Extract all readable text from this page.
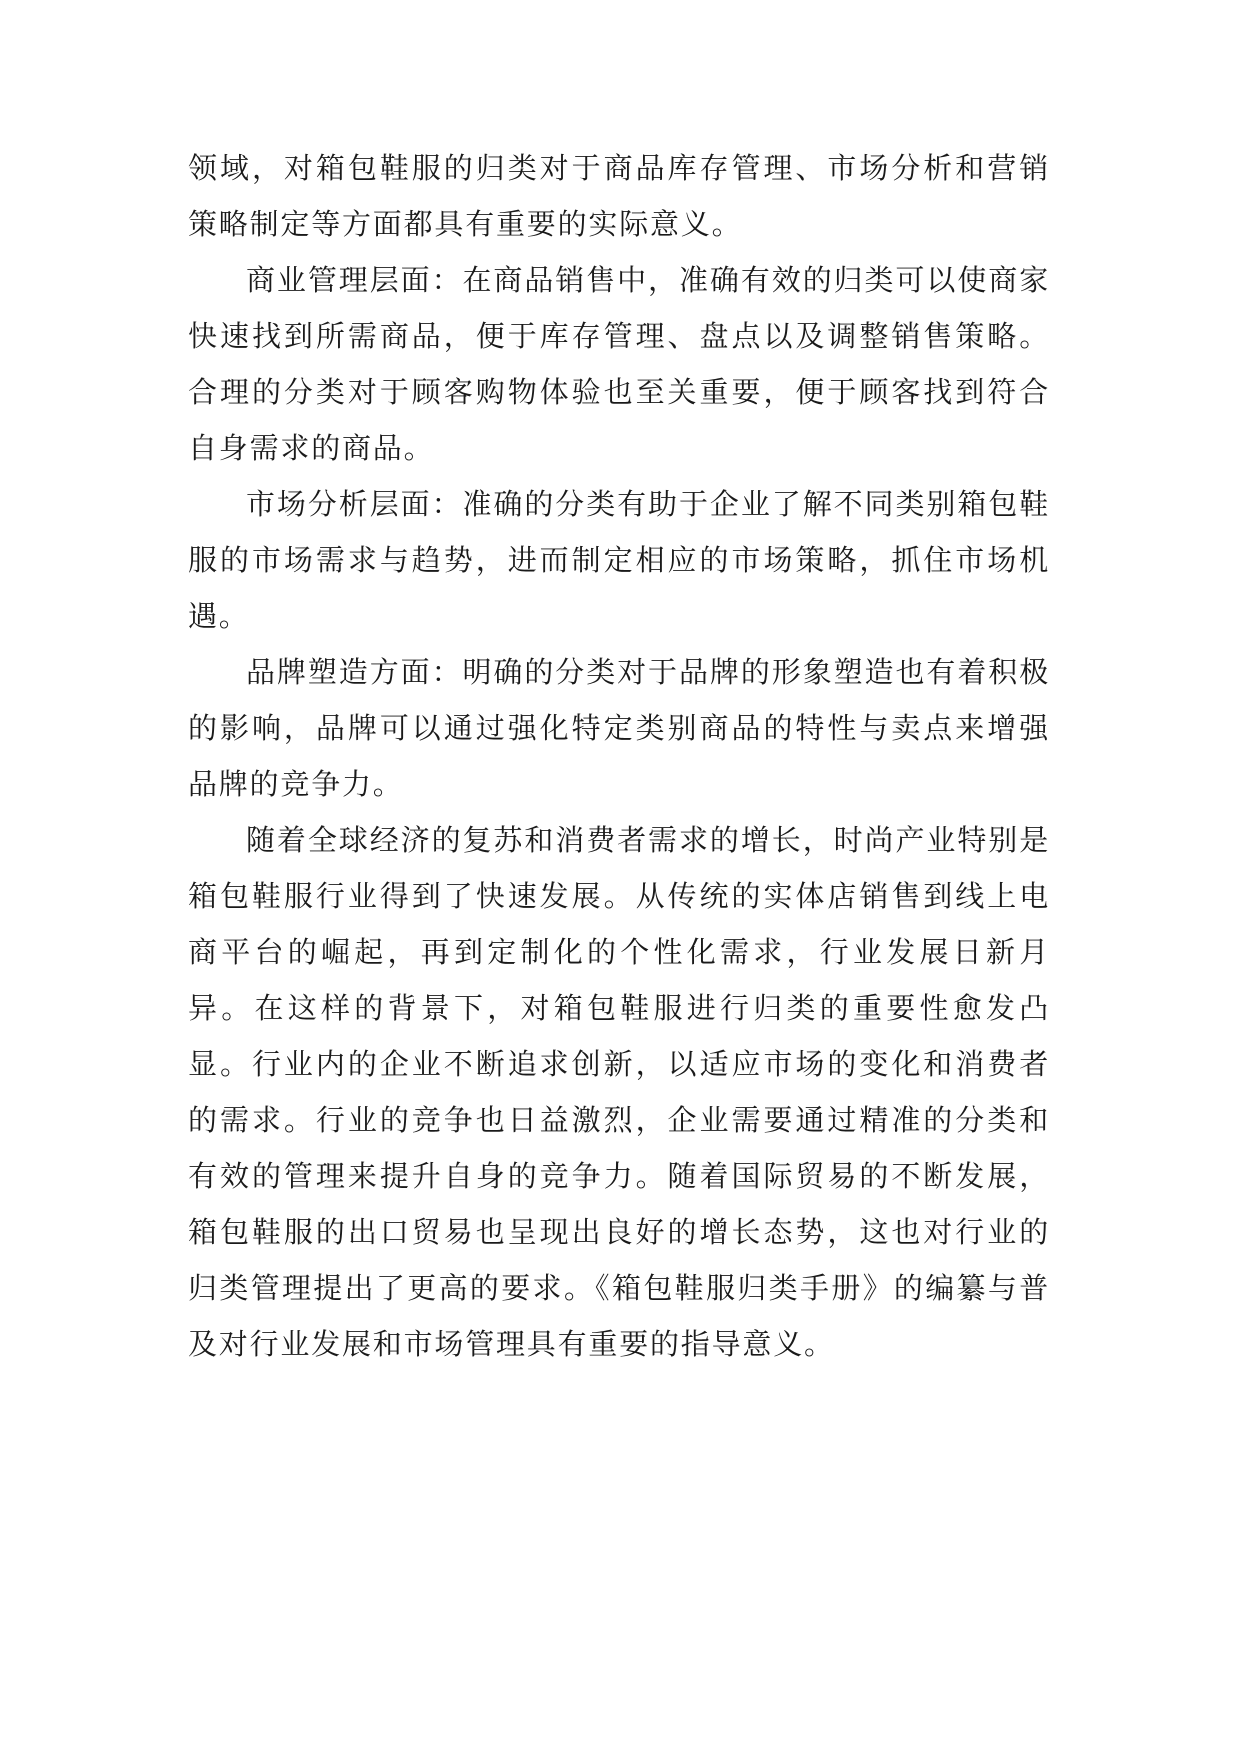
领域，对箱包鞋服的归类对于商品库存管理、市场分析和营销策略制定等方面都具有重要的实际意义。

商业管理层面：在商品销售中，准确有效的归类可以使商家快速找到所需商品，便于库存管理、盘点以及调整销售策略。合理的分类对于顾客购物体验也至关重要，便于顾客找到符合自身需求的商品。

市场分析层面：准确的分类有助于企业了解不同类别箱包鞋服的市场需求与趋势，进而制定相应的市场策略，抓住市场机遇。

品牌塑造方面：明确的分类对于品牌的形象塑造也有着积极的影响，品牌可以通过强化特定类别商品的特性与卖点来增强品牌的竞争力。

随着全球经济的复苏和消费者需求的增长，时尚产业特别是箱包鞋服行业得到了快速发展。从传统的实体店销售到线上电商平台的崛起，再到定制化的个性化需求，行业发展日新月异。在这样的背景下，对箱包鞋服进行归类的重要性愈发凸显。行业内的企业不断追求创新，以适应市场的变化和消费者的需求。行业的竞争也日益激烈，企业需要通过精准的分类和有效的管理来提升自身的竞争力。随着国际贸易的不断发展，箱包鞋服的出口贸易也呈现出良好的增长态势，这也对行业的归类管理提出了更高的要求。《箱包鞋服归类手册》的编纂与普及对行业发展和市场管理具有重要的指导意义。
